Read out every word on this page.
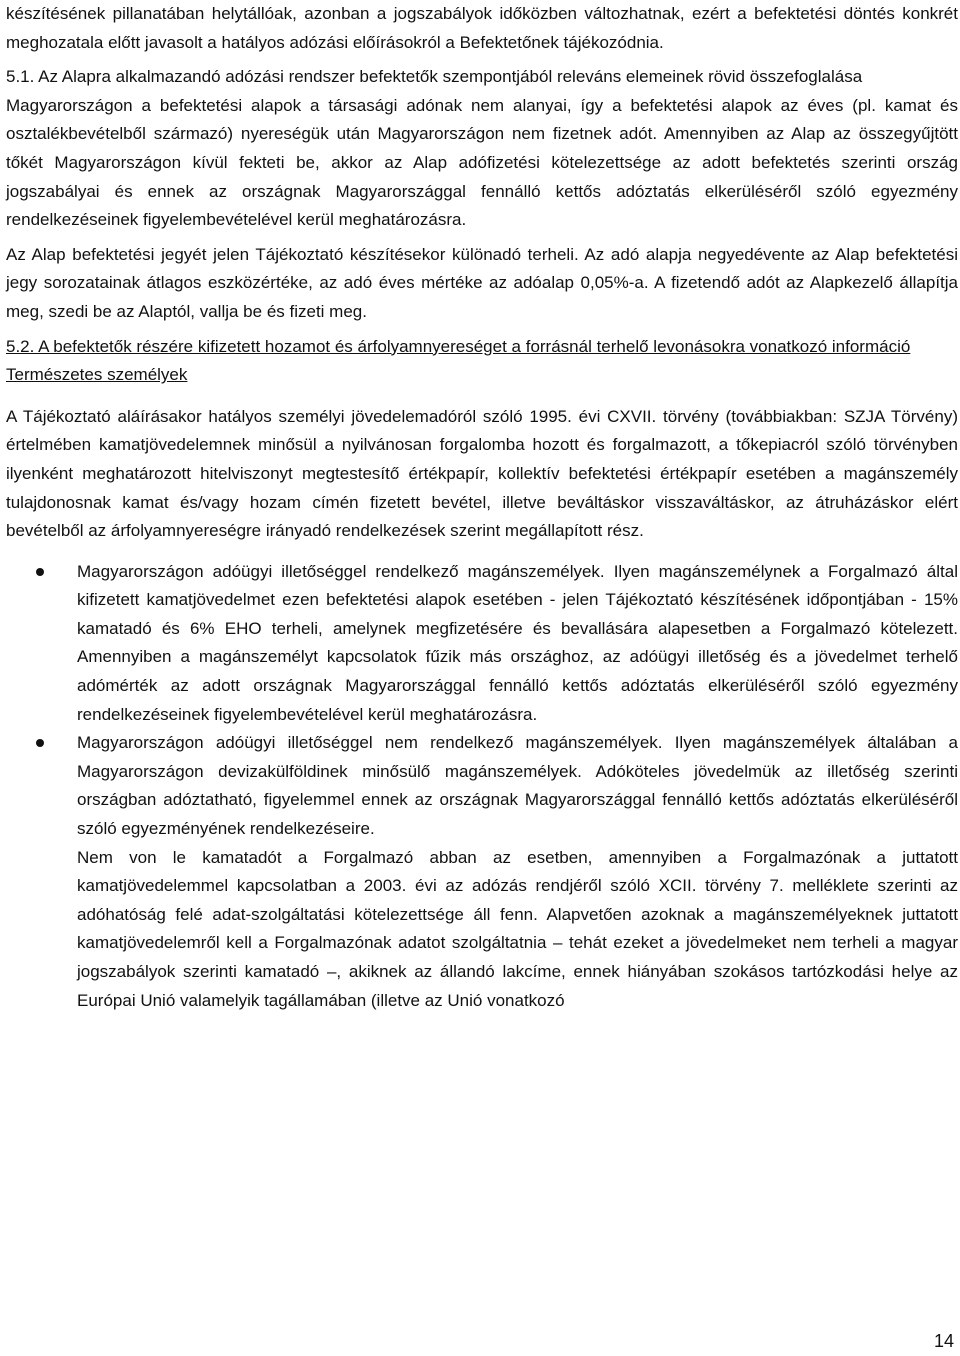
készítésének pillanatában helytállóak, azonban a jogszabályok időközben változhatnak, ezért a befektetési döntés konkrét meghozatala előtt javasolt a hatályos adózási előírásokról a Befektetőnek tájékozódnia.

5.1. Az Alapra alkalmazandó adózási rendszer befektetők szempontjából releváns elemeinek rövid összefoglalása

Magyarországon a befektetési alapok a társasági adónak nem alanyai, így a befektetési alapok az éves (pl. kamat és osztalékbevételből származó) nyereségük után Magyarországon nem fizetnek adót. Amennyiben az Alap az összegyűjtött tőkét Magyarországon kívül fekteti be, akkor az Alap adófizetési kötelezettsége az adott befektetés szerinti ország jogszabályai és ennek az országnak Magyarországgal fennálló kettős adóztatás elkerüléséről szóló egyezmény rendelkezéseinek figyelembevételével kerül meghatározásra.

Az Alap befektetési jegyét jelen Tájékoztató készítésekor különadó terheli. Az adó alapja negyedévente az Alap befektetési jegy sorozatainak átlagos eszközértéke, az adó éves mértéke az adóalap 0,05%-a. A fizetendő adót az Alapkezelő állapítja meg, szedi be az Alaptól, vallja be és fizeti meg.

5.2. A befektetők részére kifizetett hozamot és árfolyamnyereséget a forrásnál terhelő levonásokra vonatkozó információ

Természetes személyek

A Tájékoztató aláírásakor hatályos személyi jövedelemadóról szóló 1995. évi CXVII. törvény (továbbiakban: SZJA Törvény) értelmében kamatjövedelemnek minősül a nyilvánosan forgalomba hozott és forgalmazott, a tőkepiacról szóló törvényben ilyenként meghatározott hitelviszonyt megtestesítő értékpapír, kollektív befektetési értékpapír esetében a magánszemély tulajdonosnak kamat és/vagy hozam címén fizetett bevétel, illetve beváltáskor visszaváltáskor, az átruházáskor elért bevételből az árfolyamnyereségre irányadó rendelkezések szerint megállapított rész.

Magyarországon adóügyi illetőséggel rendelkező magánszemélyek. Ilyen magánszemélynek a Forgalmazó által kifizetett kamatjövedelmet ezen befektetési alapok esetében - jelen Tájékoztató készítésének időpontjában - 15% kamatadó és 6% EHO terheli, amelynek megfizetésére és bevallására alapesetben a Forgalmazó kötelezett. Amennyiben a magánszemélyt kapcsolatok fűzik más országhoz, az adóügyi illetőség és a jövedelmet terhelő adómérték az adott országnak Magyarországgal fennálló kettős adóztatás elkerüléséről szóló egyezmény rendelkezéseinek figyelembevételével kerül meghatározásra.
Magyarországon adóügyi illetőséggel nem rendelkező magánszemélyek. Ilyen magánszemélyek általában a Magyarországon devizakülföldinek minősülő magánszemélyek. Adóköteles jövedelmük az illetőség szerinti országban adóztatható, figyelemmel ennek az országnak Magyarországgal fennálló kettős adóztatás elkerüléséről szóló egyezményének rendelkezéseire.
Nem von le kamatadót a Forgalmazó abban az esetben, amennyiben a Forgalmazónak a juttatott kamatjövedelemmel kapcsolatban a 2003. évi az adózás rendjéről szóló XCII. törvény 7. melléklete szerinti az adóhatóság felé adat-szolgáltatási kötelezettsége áll fenn. Alapvetően azoknak a magánszemélyeknek juttatott kamatjövedelemről kell a Forgalmazónak adatot szolgáltatnia – tehát ezeket a jövedelmeket nem terheli a magyar jogszabályok szerinti kamatadó –, akiknek az állandó lakcíme, ennek hiányában szokásos tartózkodási helye az Európai Unió valamelyik tagállamában (illetve az Unió vonatkozó
14
